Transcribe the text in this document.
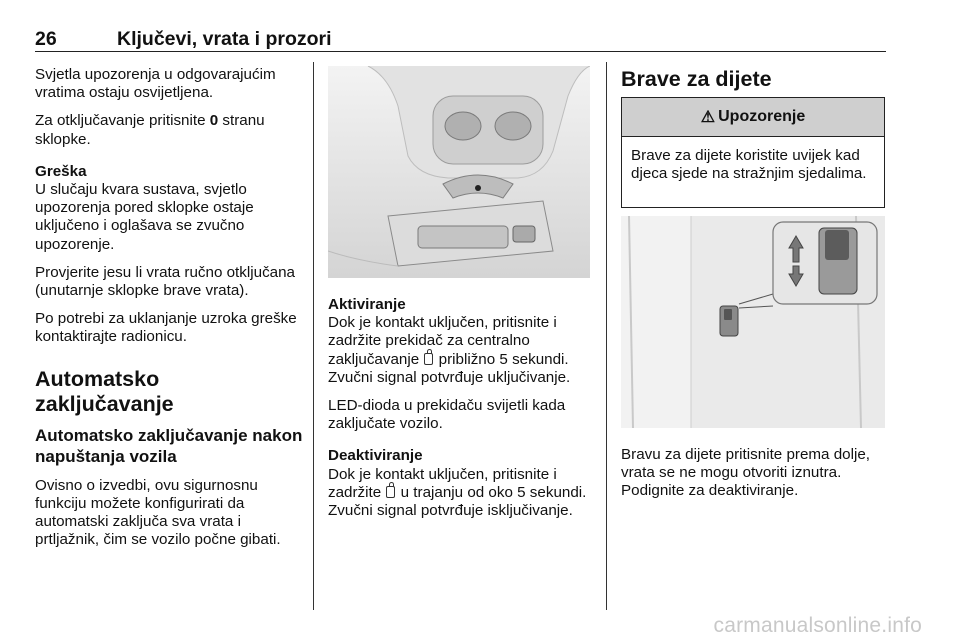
26	Ključevi, vrata i prozori

Svjetla upozorenja u odgovarajućim vratima ostaju osvijetljena.

Za otključavanje pritisnite 0 stranu sklopke.

Greška
U slučaju kvara sustava, svjetlo upozorenja pored sklopke ostaje uključeno i oglašava se zvučno upozorenje.

Provjerite jesu li vrata ručno otključana (unutarnje sklopke brave vrata).

Po potrebi za uklanjanje uzroka greške kontaktirajte radionicu.

Automatsko zaključavanje
Automatsko zaključavanje nakon napuštanja vozila

Ovisno o izvedbi, ovu sigurnosnu funkciju možete konfigurirati da automatski zaključa sva vrata i prtljažnik, čim se vozilo počne gibati.

Aktiviranje
Dok je kontakt uključen, pritisnite i zadržite prekidač za centralno zaključavanje  približno 5 sekundi. Zvučni signal potvrđuje uključivanje.

LED-dioda u prekidaču svijetli kada zaključate vozilo.

Deaktiviranje
Dok je kontakt uključen, pritisnite i zadržite  u trajanju od oko 5 sekundi. Zvučni signal potvrđuje isključivanje.

Brave za dijete
⚠ Upozorenje
Brave za dijete koristite uvijek kad djeca sjede na stražnjim sjedalima.
Bravu za dijete pritisnite prema dolje, vrata se ne mogu otvoriti iznutra. Podignite za deaktiviranje.
carmanualsonline.info
